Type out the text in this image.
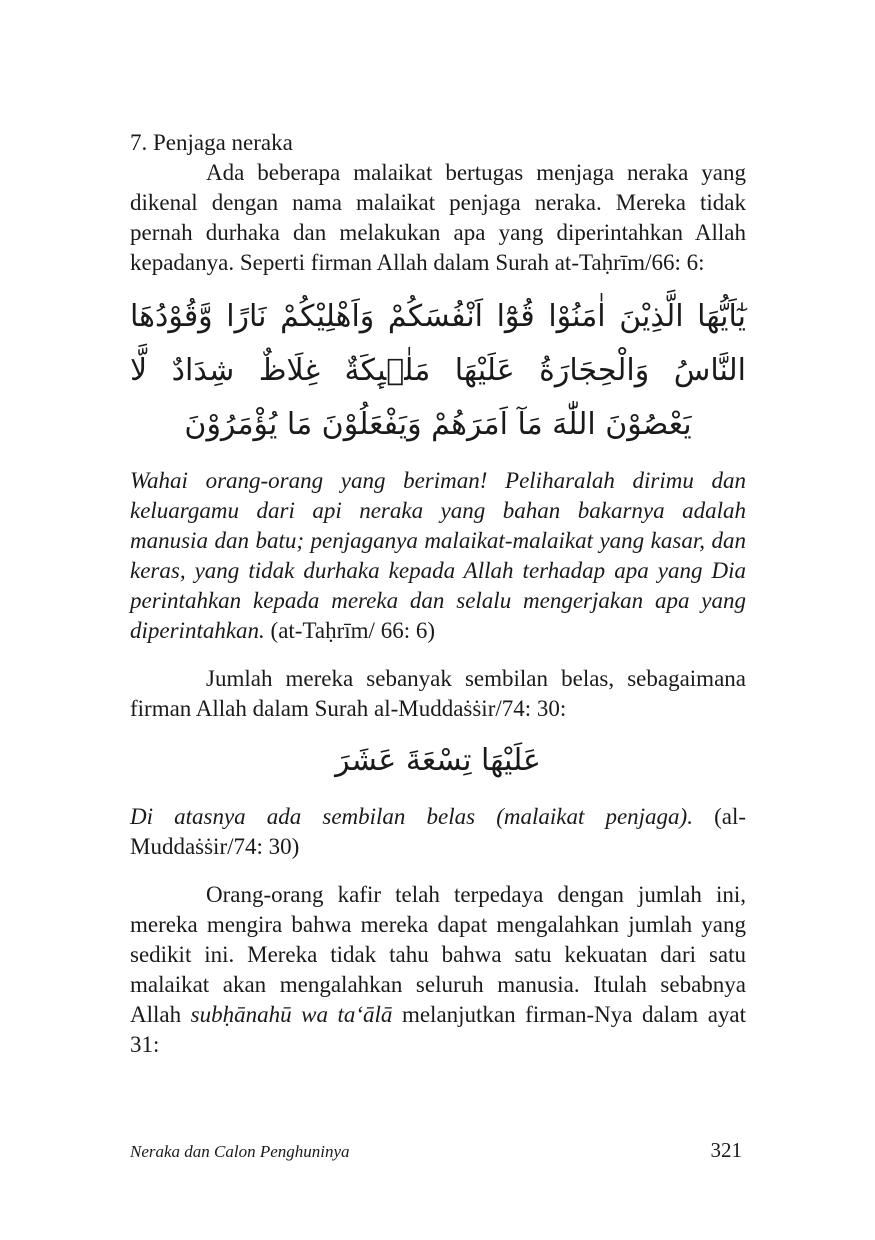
7. Penjaga neraka

Ada beberapa malaikat bertugas menjaga neraka yang dikenal dengan nama malaikat penjaga neraka. Mereka tidak pernah durhaka dan melakukan apa yang diperintahkan Allah kepadanya. Seperti firman Allah dalam Surah at-Taḥrīm/66: 6:

يٰٓاَيُّهَا الَّذِيْنَ اٰمَنُوْا قُوْٓا اَنْفُسَكُمْ وَاَهْلِيْكُمْ نَارًا وَّقُوْدُهَا النَّاسُ وَالْحِجَارَةُ عَلَيْهَا مَلٰۤىِٕكَةٌ غِلَاظٌ شِدَادٌ لَّا يَعْصُوْنَ اللّٰهَ مَآ اَمَرَهُمْ وَيَفْعَلُوْنَ مَا يُؤْمَرُوْنَ

Wahai orang-orang yang beriman! Peliharalah dirimu dan keluargamu dari api neraka yang bahan bakarnya adalah manusia dan batu; penjaganya malaikat-malaikat yang kasar, dan keras, yang tidak durhaka kepada Allah terhadap apa yang Dia perintahkan kepada mereka dan selalu mengerjakan apa yang diperintahkan. (at-Taḥrīm/ 66: 6)

Jumlah mereka sebanyak sembilan belas, sebagaimana firman Allah dalam Surah al-Muddaṡṡir/74: 30:

عَلَيْهَا تِسْعَةَ عَشَرَ

Di atasnya ada sembilan belas (malaikat penjaga). (al-Muddaṡṡir/74: 30)

Orang-orang kafir telah terpedaya dengan jumlah ini, mereka mengira bahwa mereka dapat mengalahkan jumlah yang sedikit ini. Mereka tidak tahu bahwa satu kekuatan dari satu malaikat akan mengalahkan seluruh manusia. Itulah sebabnya Allah subḥānahū wa ta‘ālā melanjutkan firman-Nya dalam ayat 31:

Neraka dan Calon Penghuninya	321
